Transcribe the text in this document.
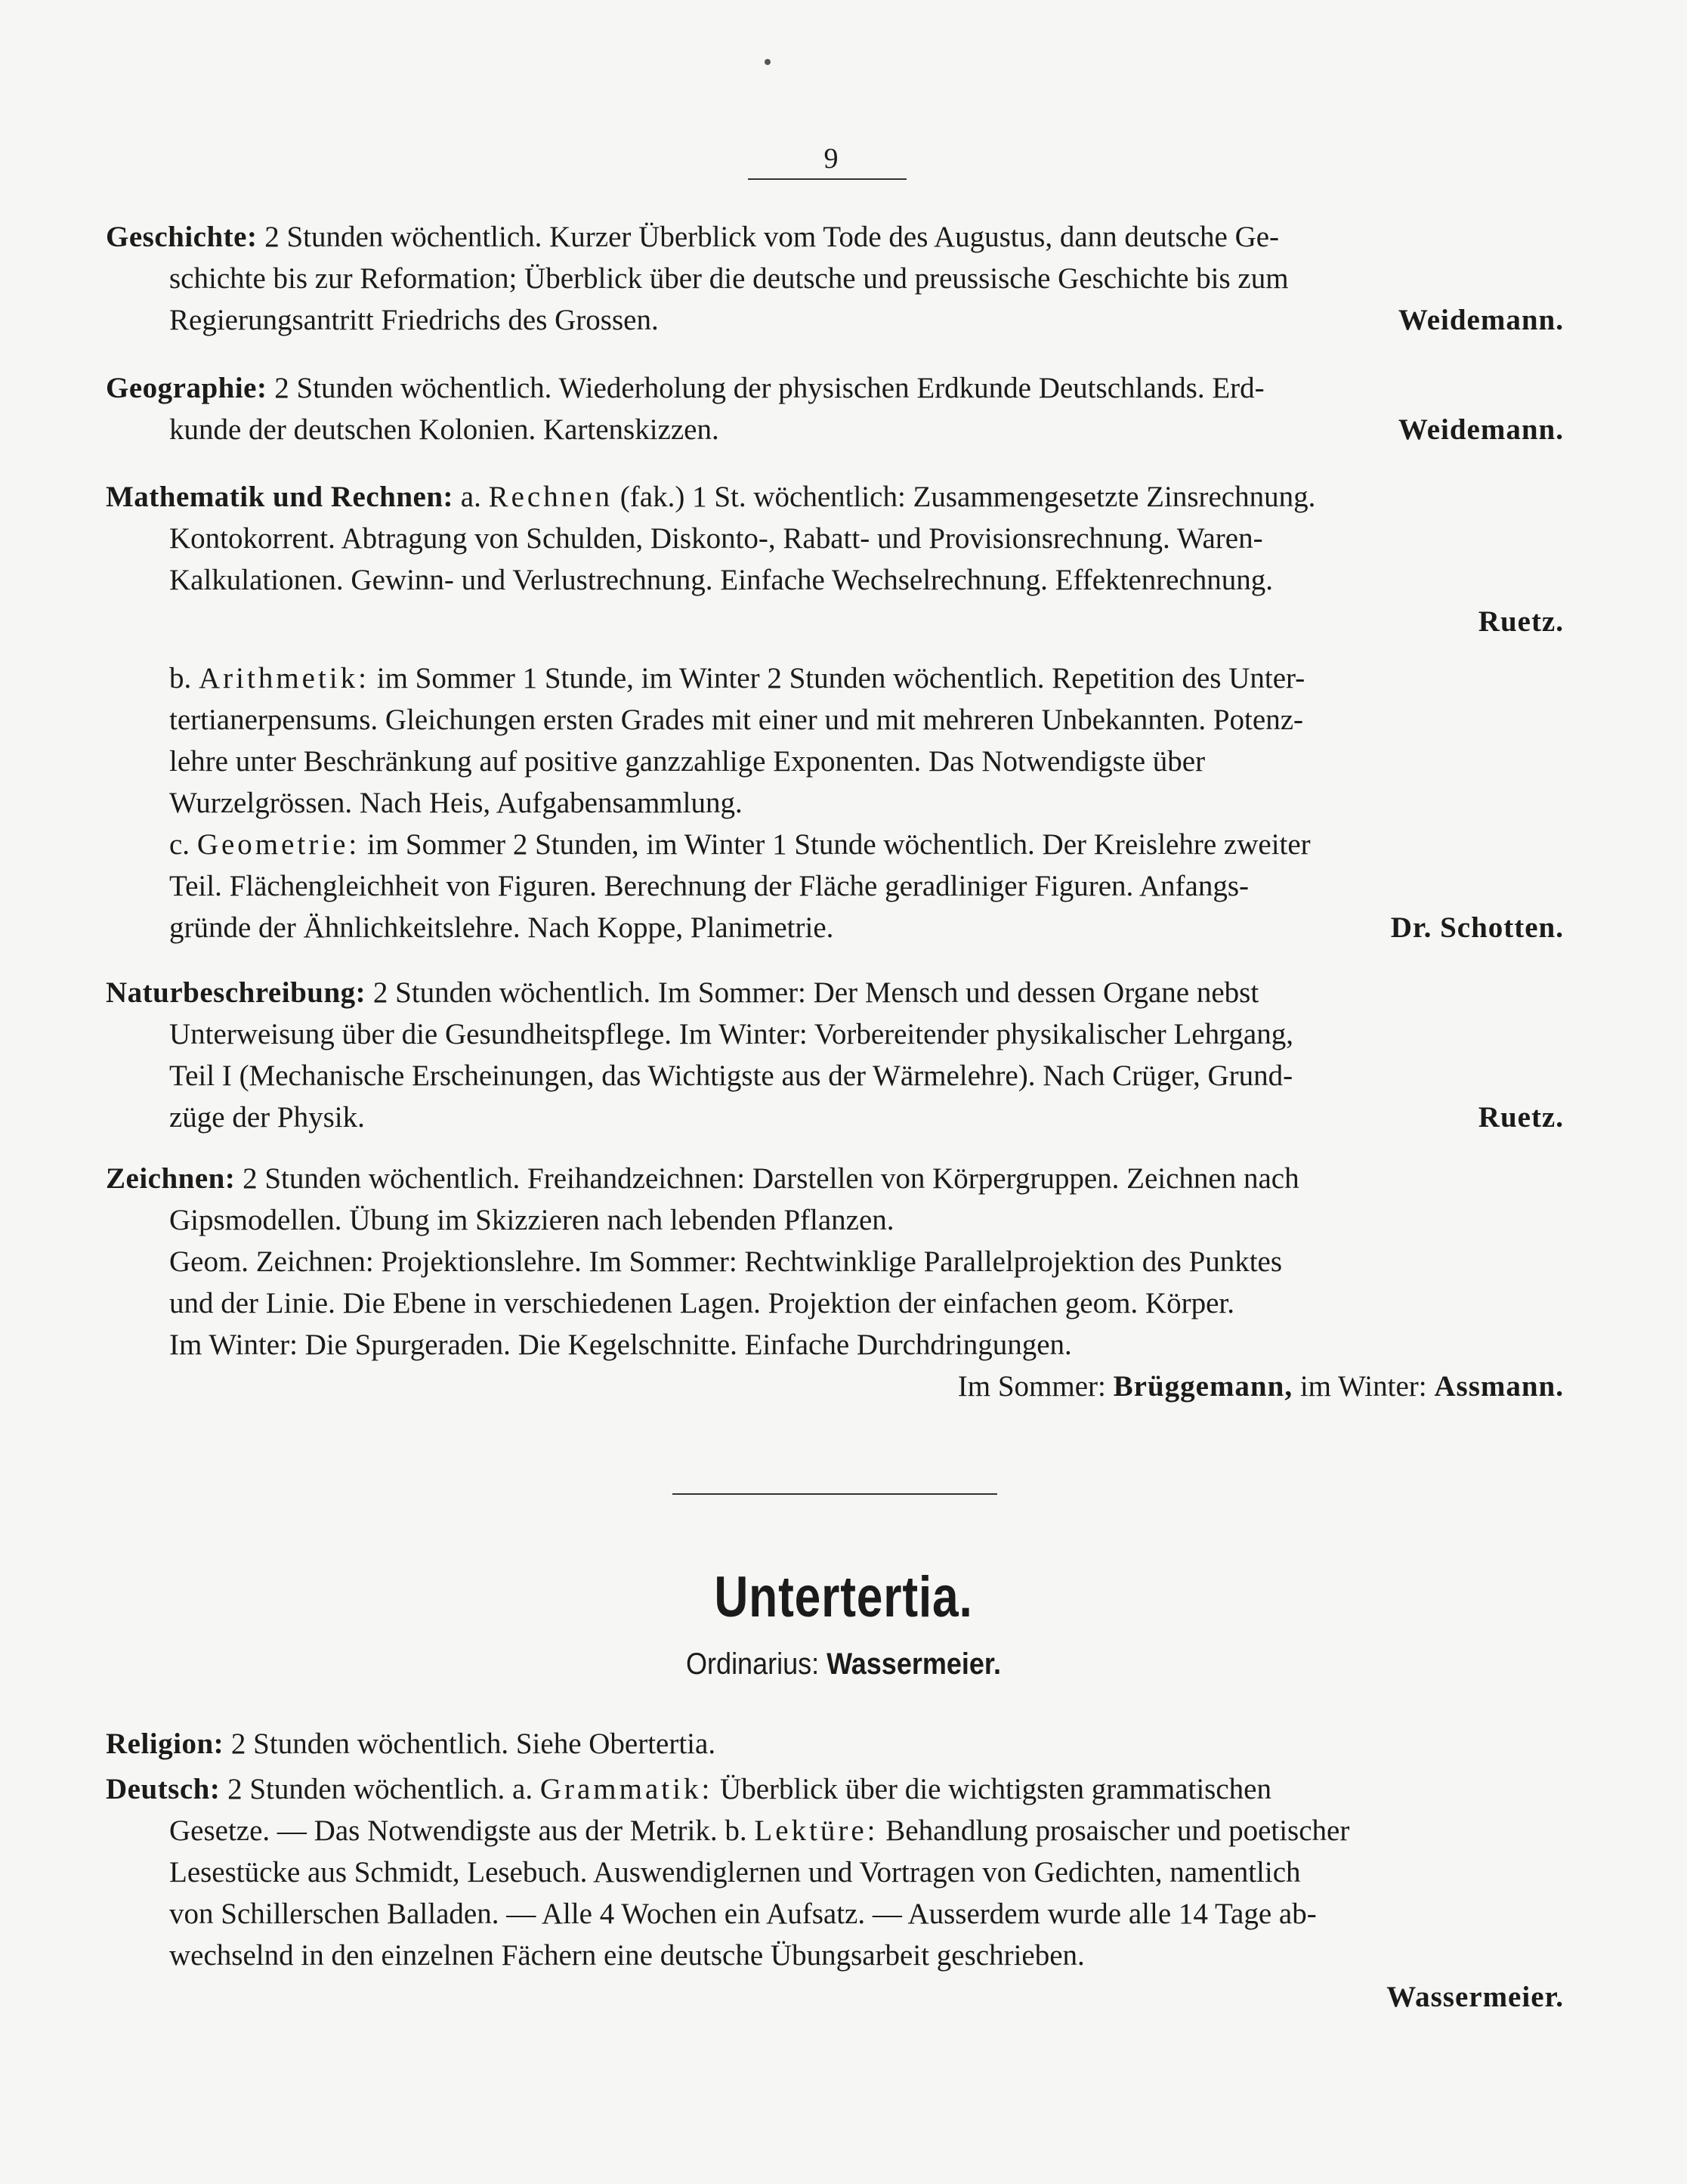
9
Geschichte: 2 Stunden wöchentlich. Kurzer Überblick vom Tode des Augustus, dann deutsche Ge-
schichte bis zur Reformation; Überblick über die deutsche und preussische Geschichte bis zum
Regierungsantritt Friedrichs des Grossen.	Weidemann.
Geographie:
2 Stunden wöchentlich. Wiederholung der physischen Erdkunde Deutschlands. Erd-
kunde der deutschen Kolonien. Kartenskizzen.	Weidemann.
Mathematik und Rechnen:
a.
Rechnen
(fak.) 1 St. wöchentlich: Zusammengesetzte Zinsrechnung.
Kontokorrent. Abtragung von Schulden, Diskonto-, Rabatt- und Provisionsrechnung. Waren-
Kalkulationen. Gewinn- und Verlustrechnung. Einfache Wechselrechnung. Effektenrechnung.
Ruetz.
b. Arithmetik: im Sommer 1 Stunde, im Winter 2 Stunden wöchentlich. Repetition des Unter-
tertianerpensums. Gleichungen ersten Grades mit einer und mit mehreren Unbekannten. Potenz-
lehre unter Beschränkung auf positive ganzzahlige Exponenten. Das Notwendigste über
Wurzelgrössen. Nach Heis, Aufgabensammlung.
c. Geometrie: im Sommer 2 Stunden, im Winter 1 Stunde wöchentlich. Der Kreislehre zweiter
Teil. Flächengleichheit von Figuren. Berechnung der Fläche geradliniger Figuren. Anfangs-
gründe der Ähnlichkeitslehre. Nach Koppe, Planimetrie.	Dr. Schotten.
Naturbeschreibung:
2 Stunden wöchentlich. Im Sommer: Der Mensch und dessen Organe nebst
Unterweisung über die Gesundheitspflege. Im Winter: Vorbereitender physikalischer Lehrgang,
Teil I (Mechanische Erscheinungen, das Wichtigste aus der Wärmelehre). Nach Crüger, Grund-
züge der Physik.	Ruetz.
Zeichnen:
2 Stunden wöchentlich. Freihandzeichnen: Darstellen von Körpergruppen. Zeichnen nach
Gipsmodellen. Übung im Skizzieren nach lebenden Pflanzen.
Geom. Zeichnen: Projektionslehre. Im Sommer: Rechtwinklige Parallelprojektion des Punktes
und der Linie. Die Ebene in verschiedenen Lagen. Projektion der einfachen geom. Körper.
Im Winter: Die Spurgeraden. Die Kegelschnitte. Einfache Durchdringungen.
Im Sommer: Brüggemann, im Winter: Assmann.
Untertertia.
Ordinarius: Wassermeier.
Religion:
2 Stunden wöchentlich. Siehe Obertertia.
Deutsch: 2 Stunden wöchentlich. a. Grammatik: Überblick über die wichtigsten grammatischen
Gesetze. — Das Notwendigste aus der Metrik. b. Lektüre: Behandlung prosaischer und poetischer
Lesestücke aus Schmidt, Lesebuch. Auswendiglernen und Vortragen von Gedichten, namentlich
von Schillerschen Balladen. — Alle 4 Wochen ein Aufsatz. — Ausserdem wurde alle 14 Tage ab-
wechselnd in den einzelnen Fächern eine deutsche Übungsarbeit geschrieben.
Wassermeier.
